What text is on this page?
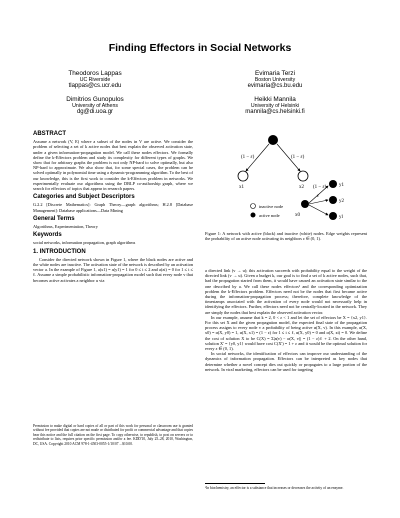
Finding Effectors in Social Networks
Theodoros Lappas
UC Riverside
tlappas@cs.ucr.edu
Evimaria Terzi
Boston University
evimaria@cs.bu.edu
Dimitrios Gunopulos
University of Athens
dg@di.uoa.gr
Heikki Mannila
University of Helsinki
mannila@cs.helsinki.fi
ABSTRACT

Assume a network (V, E) where a subset of the nodes in V are active. We consider the problem of selecting a set of k active nodes that best explain the observed activation state, under a given information-propagation model. We call these nodes effectors. We formally define the k-Effectors problem and study its complexity for different types of graphs. We show that for arbitrary graphs the problem is not only NP-hard to solve optimally, but also NP-hard to approximate. We also show that, for some special cases, the problem can be solved optimally in polynomial time using a dynamic-programming algorithm. To the best of our knowledge, this is the first work to consider the k-Effectors problem in networks. We experimentally evaluate our algorithms using the DBLP co-authorship graph, where we search for effectors of topics that appear in research papers.

Categories and Subject Descriptors

G.2.2 [Discrete Mathematics]: Graph Theory—graph algorithms; H.2.8 [Database Management]: Database applications—Data Mining

General Terms

Algorithms, Experimentation, Theory

Keywords

social networks, information propagation, graph algorithms

1. INTRODUCTION

Consider the directed network shown in Figure 1, where the black nodes are active and the white nodes are inactive. The activation state of the network is described by an activation vector a. In the example of Figure 1, a(x1) = a(y1) = 1 for 0 ≤ i ≤ 2 and a(zi) = 0 for 1 ≤ i ≤ ℓ. Assume a simple probabilistic information-propagation model such that every node v that becomes active activates a neighbor u via

Permission to make digital or hard copies of all or part of this work for personal or classroom use is granted without fee provided that copies are not made or distributed for profit or commercial advantage and that copies bear this notice and the full citation on the first page. To copy otherwise, to republish, to post on servers or to redistribute to lists, requires prior specific permission and/or a fee. KDD'10, July 25–28, 2010, Washington, DC, USA. Copyright 2010 ACM 978-1-4503-0055-1/10/07 ...$10.00.

(1 − ε)	(1 − ε)
(1 − ε)
ε
x1	x2	y1
y2
yl
x0
inactive node
active node

Figure 1: A network with active (black) and inactive (white) nodes. Edge weights represent the probability of an active node activating its neighbors ε ∈ (0, 1).

a directed link (v → u); this activation succeeds with probability equal to the weight of the directed link (v → u). Given a budget k, our goal is to find a set of k active nodes, such that, had the propagation started from them, it would have caused an activation state similar to the one described by a. We call these nodes effectors¹ and the corresponding optimization problem the k-Effectors problem. Effectors need not be the nodes that first became active during the information-propagation process; therefore, complete knowledge of the timestamps associated with the activation of every node would not necessarily help in identifying the effectors. Further, effectors need not be centrally-located in the network. They are simply the nodes that best explain the observed activation vector.

In our example, assume that k = 2, 0 < ε < 1 and let the set of effectors be X = {x2, y1}. For this set X and the given propagation model, the expected final state of the propagation process assigns to every node v a probability of being active α(X, v). In this example, α(X, x0) = α(X, y0) = 1, α(X, x1) = (1 − ε) for 1 ≤ i ≤ ℓ, α(X, y0) = 0 and α(X, zi) = 0. We define the cost of solution X to be C(X) = Σ|a(v) − α(X, v)| = (1 − ε)ℓ + 2. On the other hand, solution X' = {y0, y1} would have cost C(X') = 1 + ε and it would be the optimal solution for every ε ∈ (0, 1).

In social networks, the identification of effectors can improve our understanding of the dynamics of information propagation. Effectors can be interpreted as key nodes that determine whether a novel concept dies out quickly or propagates to a large portion of the network. In viral marketing, effectors can be used for targeting

¹In biochemistry, an effector is a substance that increases or decreases the activity of an enzyme.
